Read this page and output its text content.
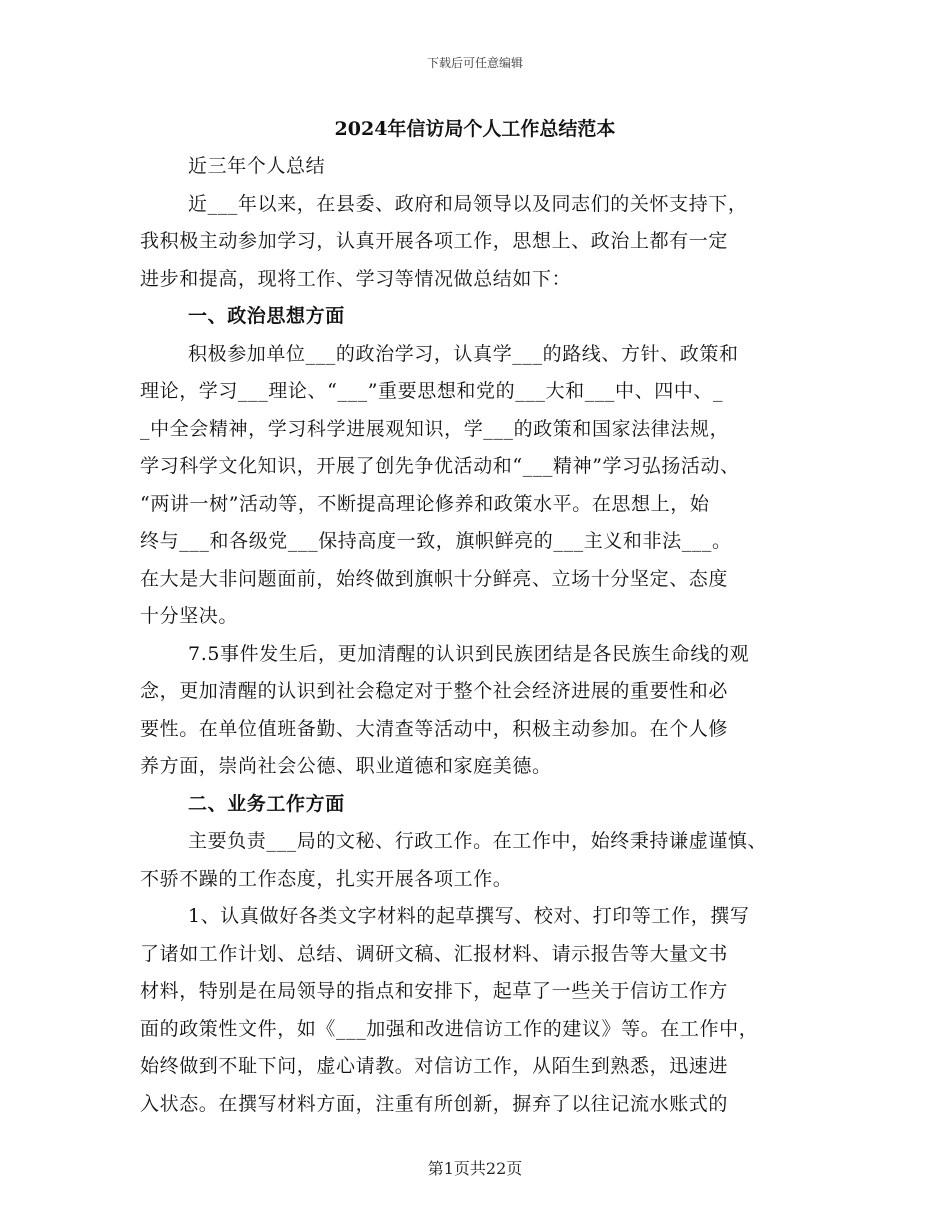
下载后可任意编辑
2024年信访局个人工作总结范本
近三年个人总结
近___年以来，在县委、政府和局领导以及同志们的关怀支持下，
我积极主动参加学习，认真开展各项工作，思想上、政治上都有一定
进步和提高，现将工作、学习等情况做总结如下：
一、政治思想方面
积极参加单位___的政治学习，认真学___的路线、方针、政策和
理论，学习___理论、“___”重要思想和党的___大和___中、四中、_
_中全会精神，学习科学进展观知识，学___的政策和国家法律法规，
学习科学文化知识，开展了创先争优活动和“___精神”学习弘扬活动、
“两讲一树”活动等，不断提高理论修养和政策水平。在思想上，始
终与___和各级党___保持高度一致，旗帜鲜亮的___主义和非法___。
在大是大非问题面前，始终做到旗帜十分鲜亮、立场十分坚定、态度
十分坚决。
7.5事件发生后，更加清醒的认识到民族团结是各民族生命线的观
念，更加清醒的认识到社会稳定对于整个社会经济进展的重要性和必
要性。在单位值班备勤、大清查等活动中，积极主动参加。在个人修
养方面，崇尚社会公德、职业道德和家庭美德。
二、业务工作方面
主要负责___局的文秘、行政工作。在工作中，始终秉持谦虚谨慎、
不骄不躁的工作态度，扎实开展各项工作。
1、认真做好各类文字材料的起草撰写、校对、打印等工作，撰写
了诸如工作计划、总结、调研文稿、汇报材料、请示报告等大量文书
材料，特别是在局领导的指点和安排下，起草了一些关于信访工作方
面的政策性文件，如《___加强和改进信访工作的建议》等。在工作中，
始终做到不耻下问，虚心请教。对信访工作，从陌生到熟悉，迅速进
入状态。在撰写材料方面，注重有所创新，摒弃了以往记流水账式的
第1页共22页
